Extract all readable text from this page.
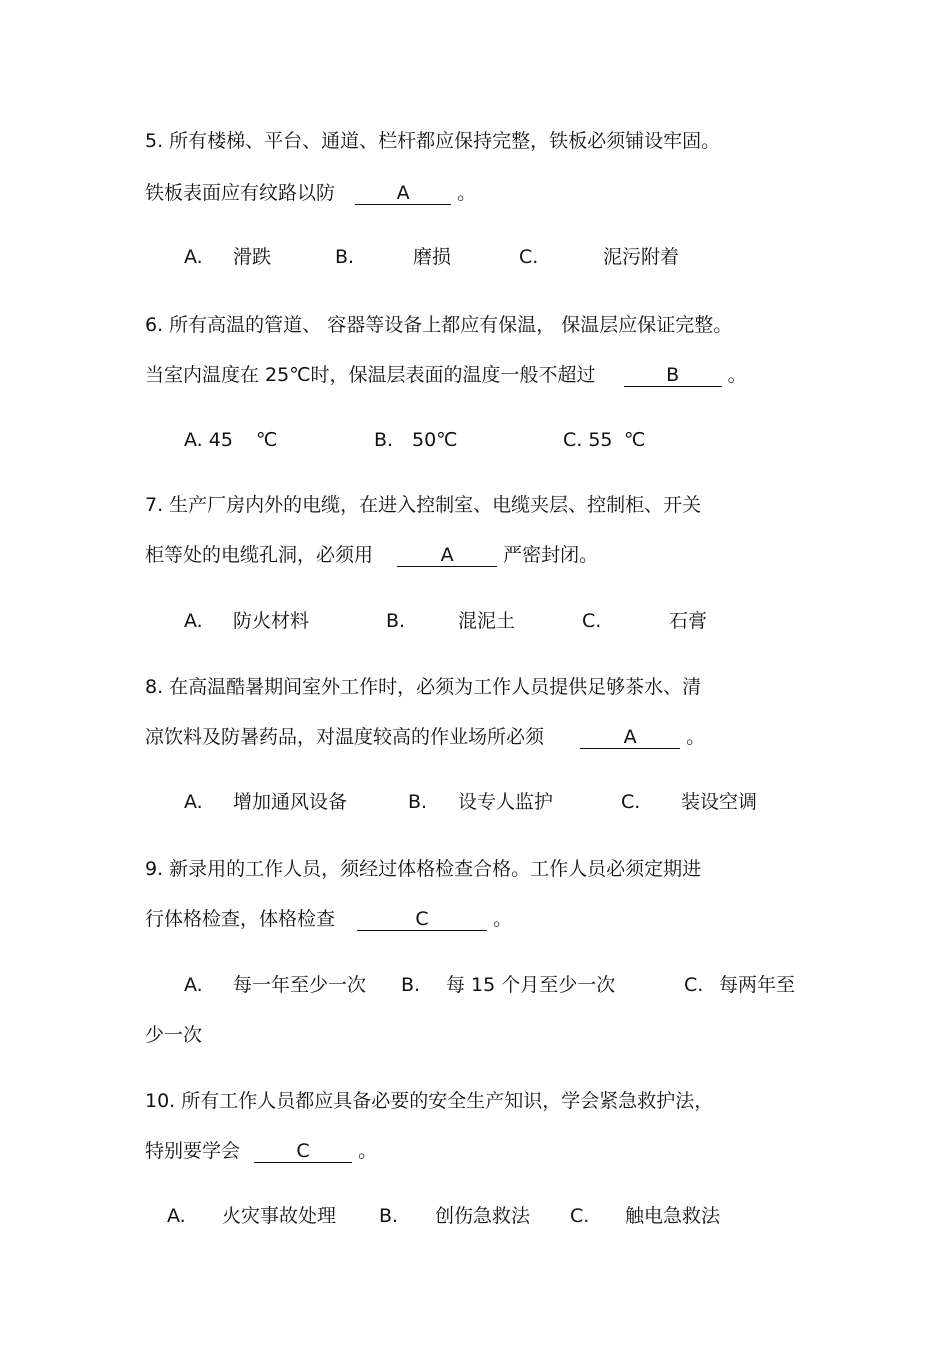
5. 所有楼梯、平台、通道、栏杆都应保持完整，铁板必须铺设牢固。
铁板表面应有纹路以防	A	。
A. 滑跌	B.	磨损	C.	泥污附着
6. 所有高温的管道、 容器等设备上都应有保温， 保温层应保证完整。
当室内温度在 25℃时，保温层表面的温度一般不超过	B	。
A. 45 ℃	B. 50℃	C. 55 ℃
7. 生产厂房内外的电缆，在进入控制室、电缆夹层、控制柜、开关
柜等处的电缆孔洞，必须用	A	严密封闭。
A. 防火材料	B.	混泥土	C.	石膏
8. 在高温酷暑期间室外工作时，必须为工作人员提供足够茶水、清
凉饮料及防暑药品，对温度较高的作业场所必须	A	。
A. 增加通风设备	B. 设专人监护	C. 装设空调
9. 新录用的工作人员，须经过体格检查合格。工作人员必须定期进
行体格检查，体格检查	C	。
A. 每一年至少一次 B. 每 15 个月至少一次	C. 每两年至
少一次
10. 所有工作人员都应具备必要的安全生产知识，学会紧急救护法，
特别要学会	C	。
A. 火灾事故处理 B. 创伤急救法 C. 触电急救法
